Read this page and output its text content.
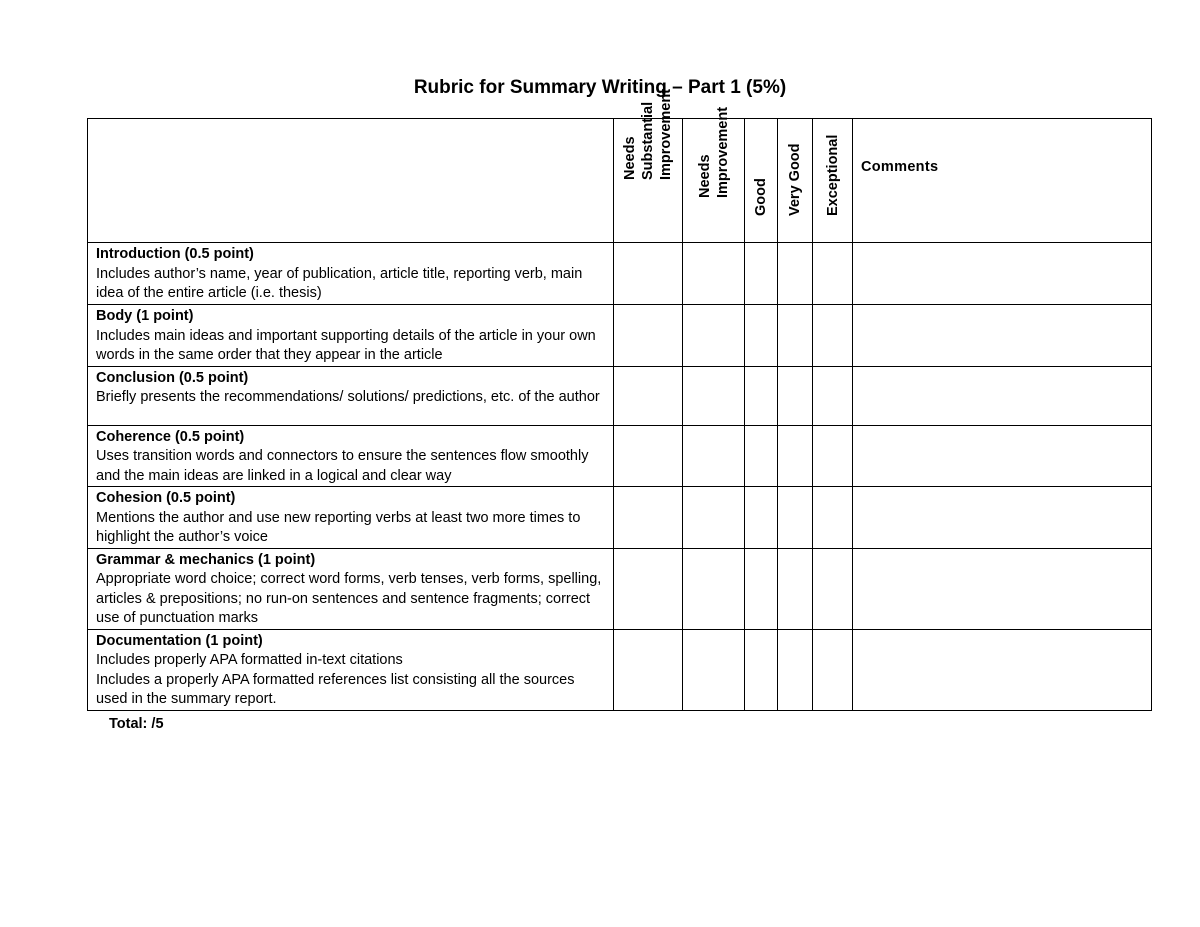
Rubric for Summary Writing – Part 1 (5%)

	Needs Substantial Improvement	Needs Improvement	Good	Very Good	Exceptional	Comments

Introduction (0.5 point)
Includes author’s name, year of publication, article title, reporting verb, main idea of the entire article (i.e. thesis)						

Body (1 point)
Includes main ideas and important supporting details of the article in your own words in the same order that they appear in the article						

Conclusion (0.5 point)
Briefly presents the recommendations/ solutions/ predictions, etc. of the author						

Coherence (0.5 point)
Uses transition words and connectors to ensure the sentences flow smoothly and the main ideas are linked in a logical and clear way						

Cohesion (0.5 point)
Mentions the author and use new reporting verbs at least two more times to highlight the author’s voice						

Grammar & mechanics (1 point)
Appropriate word choice; correct word forms, verb tenses, verb forms, spelling, articles & prepositions; no run-on sentences and sentence fragments; correct use of punctuation marks						

Documentation (1 point)
Includes properly APA formatted in-text citations
Includes a properly APA formatted references list consisting all the sources used in the summary report.						

Total: /5
